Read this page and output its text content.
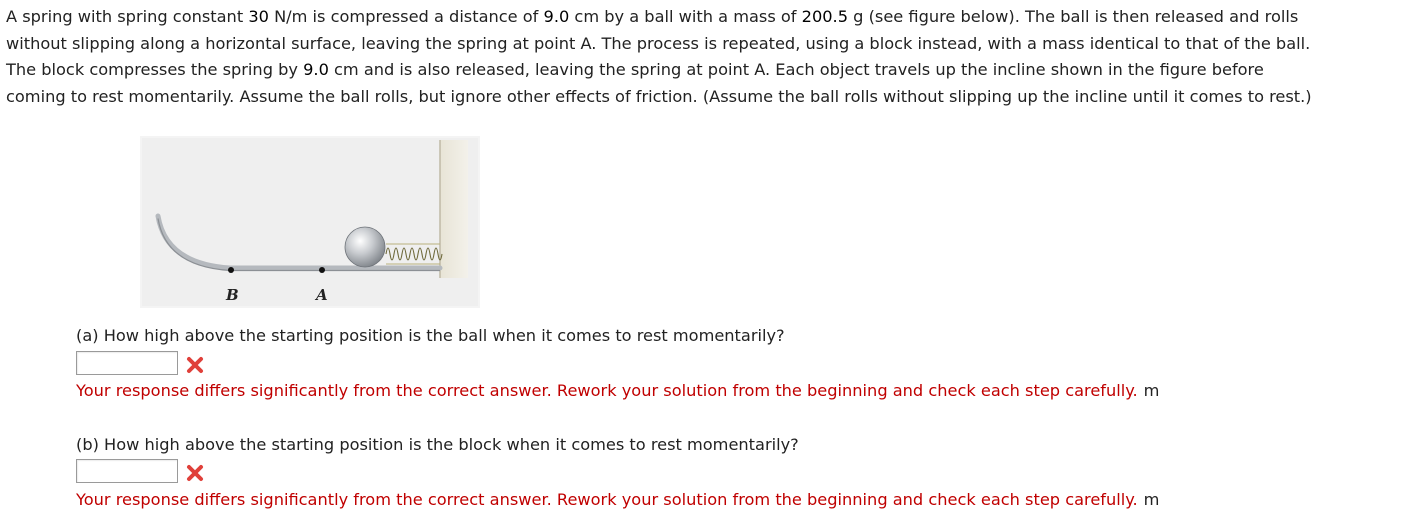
A spring with spring constant 30 N/m is compressed a distance of 9.0 cm by a ball with a mass of 200.5 g (see figure below). The ball is then released and rolls
without slipping along a horizontal surface, leaving the spring at point A. The process is repeated, using a block instead, with a mass identical to that of the ball.
The block compresses the spring by 9.0 cm and is also released, leaving the spring at point A. Each object travels up the incline shown in the figure before
coming to rest momentarily. Assume the ball rolls, but ignore other effects of friction. (Assume the ball rolls without slipping up the incline until it comes to rest.)
B	A
(a) How high above the starting position is the ball when it comes to rest momentarily?
Your response differs significantly from the correct answer. Rework your solution from the beginning and check each step carefully. m
(b) How high above the starting position is the block when it comes to rest momentarily?
Your response differs significantly from the correct answer. Rework your solution from the beginning and check each step carefully. m
